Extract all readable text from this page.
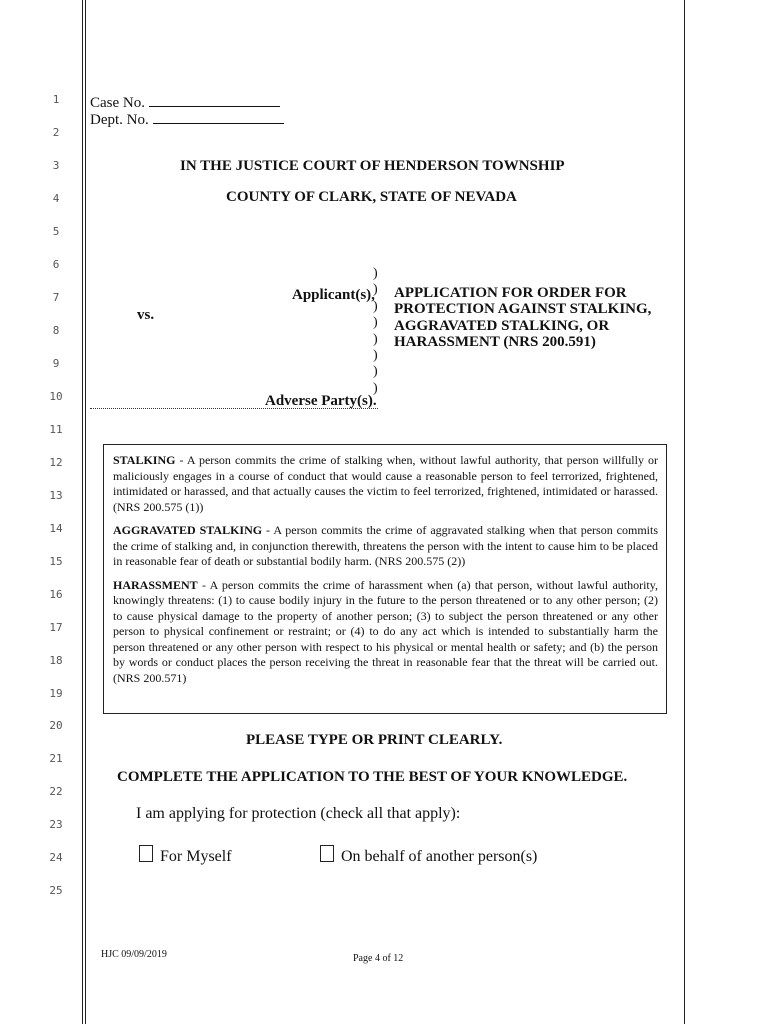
1
2
3
4
5
6
7
8
9
10
11
12
13
14
15
16
17
18
19
20
21
22
23
24
25
Case No.
Dept. No.
IN THE JUSTICE COURT OF HENDERSON TOWNSHIP
COUNTY OF CLARK, STATE OF NEVADA
Applicant(s),
vs.
Adverse Party(s).
)
)
)
)
)
)
)
)
APPLICATION FOR ORDER FOR
PROTECTION AGAINST STALKING,
AGGRAVATED STALKING, OR
HARASSMENT (NRS 200.591)

STALKING - A person commits the crime of stalking when, without lawful authority, that person willfully or maliciously engages in a course of conduct that would cause a reasonable person to feel terrorized, frightened, intimidated or harassed, and that actually causes the victim to feel terrorized, frightened, intimidated or harassed. (NRS 200.575 (1))

AGGRAVATED STALKING - A person commits the crime of aggravated stalking when that person commits the crime of stalking and, in conjunction therewith, threatens the person with the intent to cause him to be placed in reasonable fear of death or substantial bodily harm. (NRS 200.575 (2))

HARASSMENT - A person commits the crime of harassment when (a) that person, without lawful authority, knowingly threatens: (1) to cause bodily injury in the future to the person threatened or to any other person; (2) to cause physical damage to the property of another person; (3) to subject the person threatened or any other person to physical confinement or restraint; or (4) to do any act which is intended to substantially harm the person threatened or any other person with respect to his physical or mental health or safety; and (b) the person by words or conduct places the person receiving the threat in reasonable fear that the threat will be carried out. (NRS 200.571)

PLEASE TYPE OR PRINT CLEARLY.
COMPLETE THE APPLICATION TO THE BEST OF YOUR KNOWLEDGE.
I am applying for protection (check all that apply):
For Myself	On behalf of another person(s)
HJC 09/09/2019	Page 4 of 12
